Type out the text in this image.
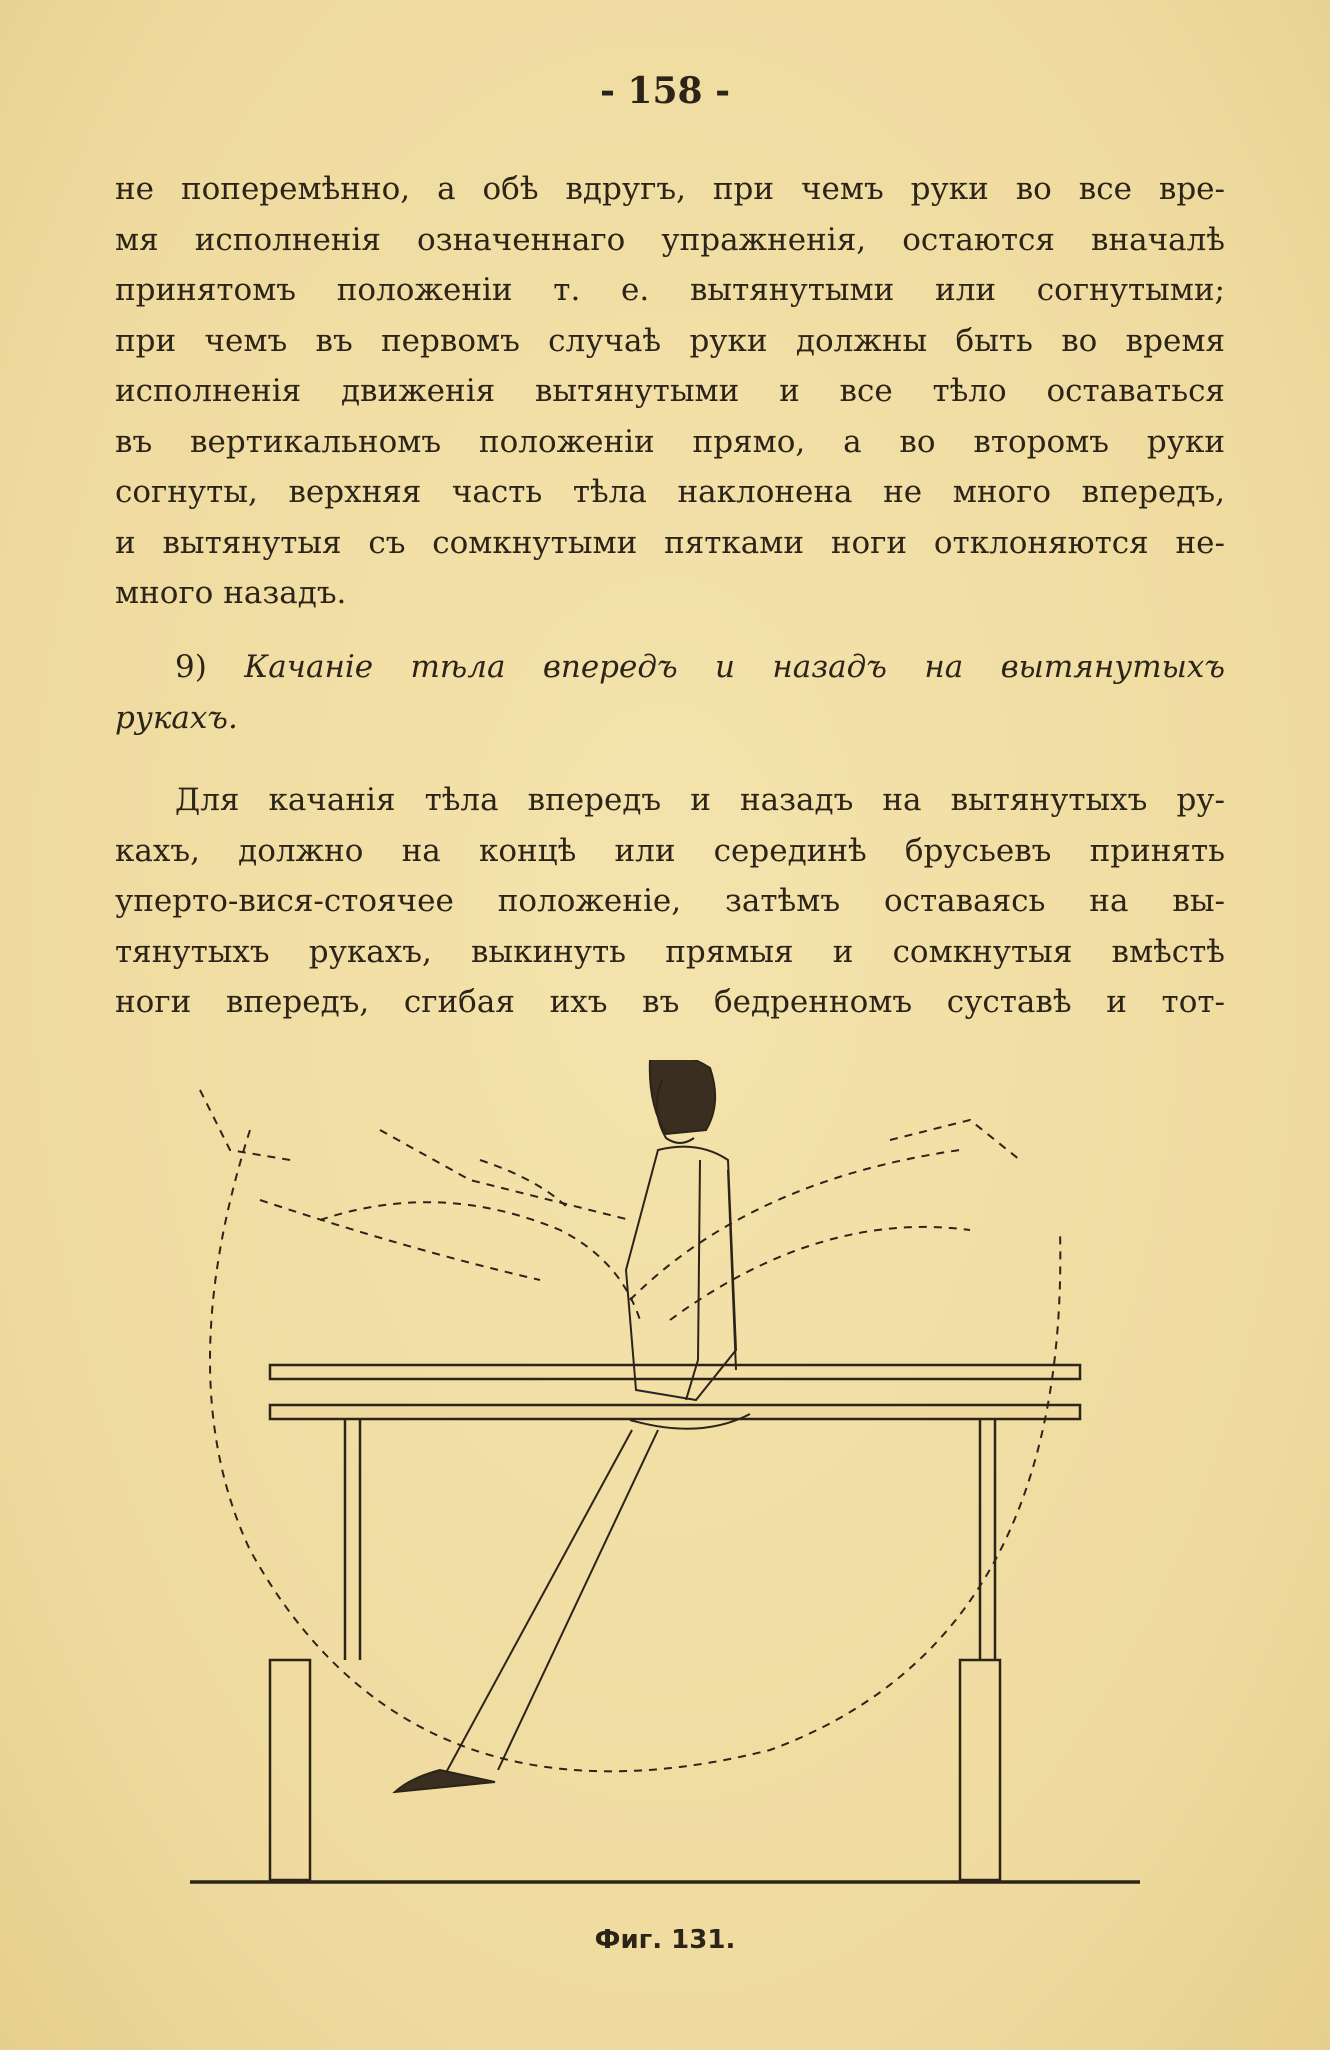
- 158 -
не поперемѣнно, а обѣ вдругъ, при чемъ руки во все вре-
мя исполненія означеннаго упражненія, остаются вначалѣ
принятомъ положеніи т. е. вытянутыми или согнутыми;
при чемъ въ первомъ случаѣ руки должны быть во время
исполненія движенія вытянутыми и все тѣло оставаться
въ вертикальномъ положеніи прямо, а во второмъ руки
согнуты, верхняя часть тѣла наклонена не много впередъ,
и вытянутыя съ сомкнутыми пятками ноги отклоняются не-
много назадъ.
9) Качаніе тѣла впередъ и назадъ на вытянутыхъ
рукахъ.
Для качанія тѣла впередъ и назадъ на вытянутыхъ ру-
кахъ, должно на концѣ или серединѣ брусьевъ принять
уперто-вися-стоячее положеніе, затѣмъ оставаясь на вы-
тянутыхъ рукахъ, выкинуть прямыя и сомкнутыя вмѣстѣ
ноги впередъ, сгибая ихъ въ бедренномъ суставѣ и тот-
Фиг. 131.
